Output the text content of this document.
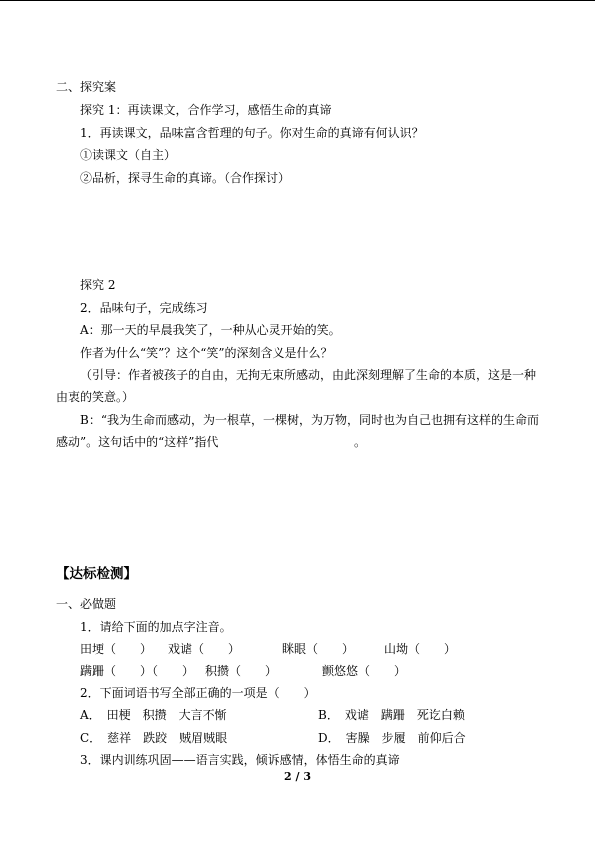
二、探究案
探究 1：再读课文，合作学习，感悟生命的真谛
1．再读课文，品味富含哲理的句子。你对生命的真谛有何认识？
①读课文（自主）
②品析，探寻生命的真谛。（合作探讨）
探究 2
2．品味句子，完成练习
A：那一天的早晨我笑了，一种从心灵开始的笑。
作者为什么“笑”？这个“笑”的深刻含义是什么？
（引导：作者被孩子的自由，无拘无束所感动，由此深刻理解了生命的本质，这是一种
由衷的笑意。）
B：“我为生命而感动，为一根草，一棵树，为万物，同时也为自己也拥有这样的生命而
感动”。这句话中的“这样”指代	。
【达标检测】
一、必做题
1．请给下面的加点字注音。
田埂（　　） 戏谑（　　）	眯眼（　　） 山坳（　　）
蹒跚（　　）（　　） 积攒（　　）	颤悠悠（　　）
2．下面词语书写全部正确的一项是（　　）
A．　田梗　积攒　大言不惭	B．　戏谑　蹒跚　死讫白赖
C．　慈祥　跌跤　贼眉贼眼	D．　害臊　步履　前仰后合
3．课内训练巩固——语言实践，倾诉感情，体悟生命的真谛
2 / 3
